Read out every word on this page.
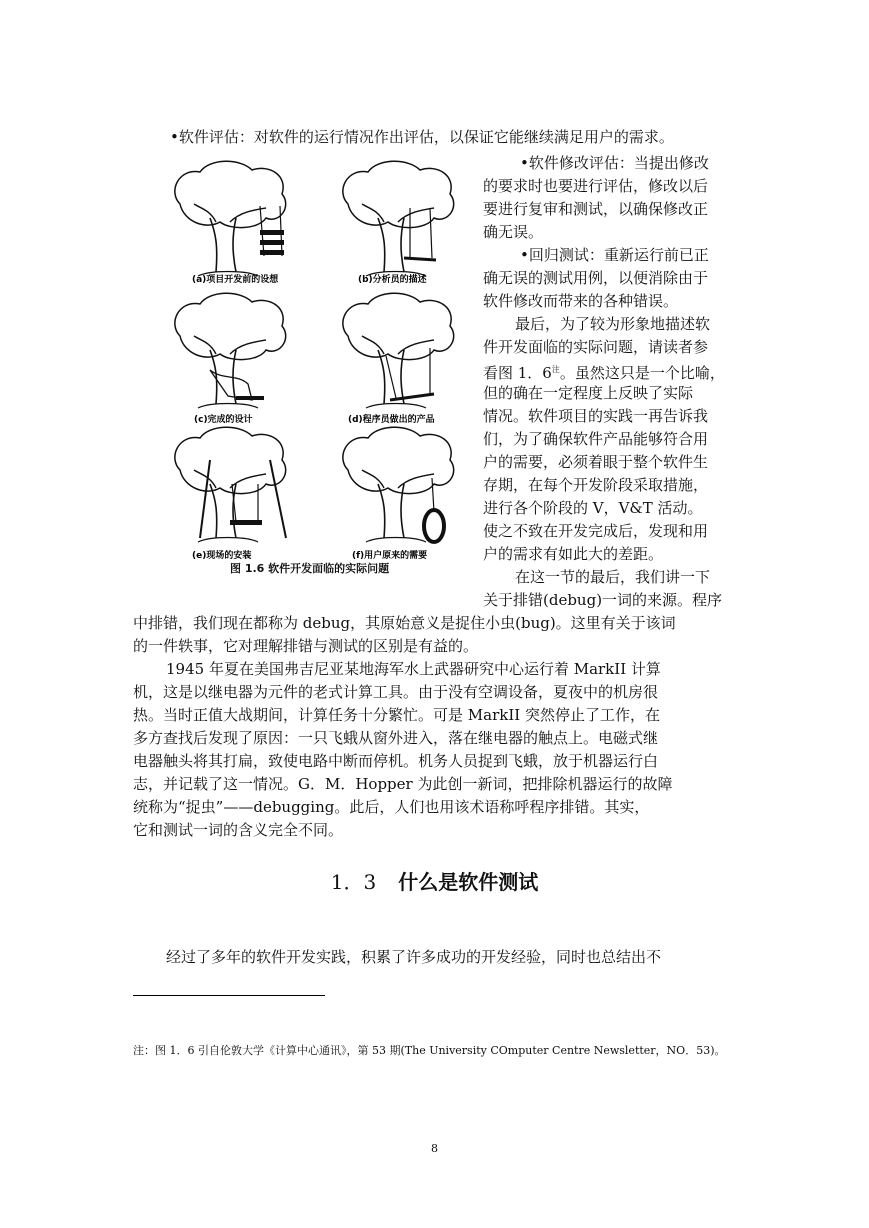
•软件评估：对软件的运行情况作出评估，以保证它能继续满足用户的需求。
(a)项目开发前的设想	(b)分析员的描述
(c)完成的设计	(d)程序员做出的产品
(e)现场的安装	(f)用户原来的需要
图 1.6 软件开发面临的实际问题
•软件修改评估：当提出修改
的要求时也要进行评估，修改以后
要进行复审和测试，以确保修改正
确无误。
•回归测试：重新运行前已正
确无误的测试用例，以便消除由于
软件修改而带来的各种错误。
最后，为了较为形象地描述软
件开发面临的实际问题，请读者参
看图 1．$6^注$。虽然这只是一个比喻，
但的确在一定程度上反映了实际
情况。软件项目的实践一再告诉我
们，为了确保软件产品能够符合用
户的需要，必须着眼于整个软件生
存期，在每个开发阶段采取措施，
进行各个阶段的 V，V&T 活动。
使之不致在开发完成后，发现和用
户的需求有如此大的差距。
在这一节的最后，我们讲一下
关于排错(debug)一词的来源。程序
中排错，我们现在都称为 debug，其原始意义是捉住小虫(bug)。这里有关于该词
的一件轶事，它对理解排错与测试的区别是有益的。
1945 年夏在美国弗吉尼亚某地海军水上武器研究中心运行着 MarkII 计算
机，这是以继电器为元件的老式计算工具。由于没有空调设备，夏夜中的机房很
热。当时正值大战期间，计算任务十分繁忙。可是 MarkII 突然停止了工作，在
多方查找后发现了原因：一只飞蛾从窗外进入，落在继电器的触点上。电磁式继
电器触头将其打扁，致使电路中断而停机。机务人员捉到飞蛾，放于机器运行白
志，并记载了这一情况。G．M．Hopper 为此创一新词，把排除机器运行的故障
统称为“捉虫”——debugging。此后，人们也用该术语称呼程序排错。其实，
它和测试一词的含义完全不同。
1．3 什么是软件测试
经过了多年的软件开发实践，积累了许多成功的开发经验，同时也总结出不
注：图 1．6 引自伦敦大学《计算中心通讯》，第 53 期(The University COmputer Centre Newsletter，NO．53)。
8
